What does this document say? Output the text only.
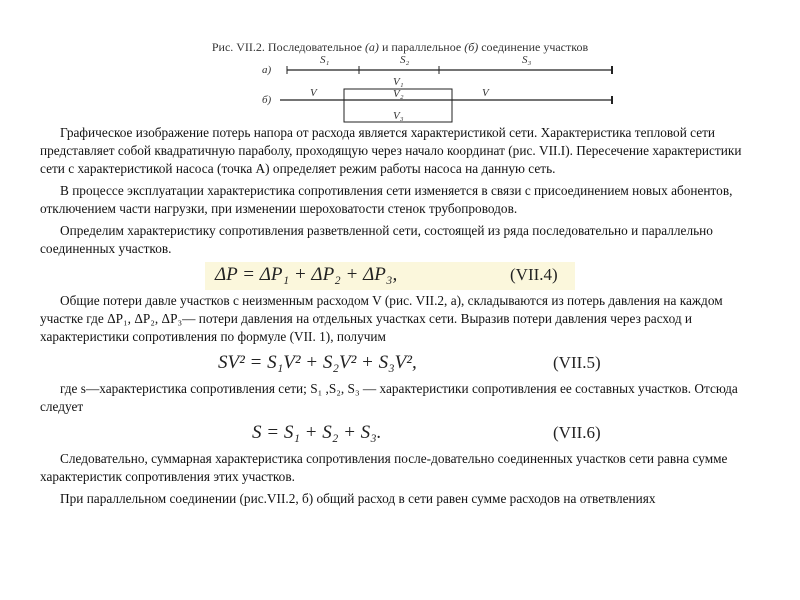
Рис. VII.2. Последовательное (а) и параллельное (б) соединение участков
а)
S₁	S₂	S₃
б)
V	V
V₁
V₂
V₃

Графическое изображение потерь напора от расхода является характеристикой сети. Характеристика тепловой сети представляет собой квадратичную параболу, проходящую через начало координат (рис. VII.I). Пересечение характеристики сети с характеристикой насоса (точка A) определяет режим работы насоса на данную сеть.

В процессе эксплуатации характеристика сопротивления сети изменяется в связи с присоединением новых абонентов, отключением части нагрузки, при изменении шероховатости стенок трубопроводов.

Определим характеристику сопротивления разветвленной сети, состоящей из ряда последовательно и параллельно соединенных участков.

ΔP = ΔP₁ + ΔP₂ + ΔP₃,	(VII.4)

Общие потери давле участков с неизменным расходом V (рис. VII.2, а), складываются из потерь давления на каждом участке где ΔP₁, ΔP₂, ΔP₃— потери давления на отдельных участках сети. Выразив потери давления через расход и характеристики сопротивления по формуле (VII. 1), получим

SV² = S₁V² + S₂V² + S₃V²,	(VII.5)

где s—характеристика сопротивления сети; S₁ ,S₂, S₃ — характеристики сопротивления ее составных участков. Отсюда следует

S = S₁ + S₂ + S₃.	(VII.6)

Следовательно, суммарная характеристика сопротивления после-довательно соединенных участков сети равна сумме характеристик сопротивления этих участков.

При параллельном соединении (рис.VII.2, б) общий расход в сети равен сумме расходов на ответвлениях
